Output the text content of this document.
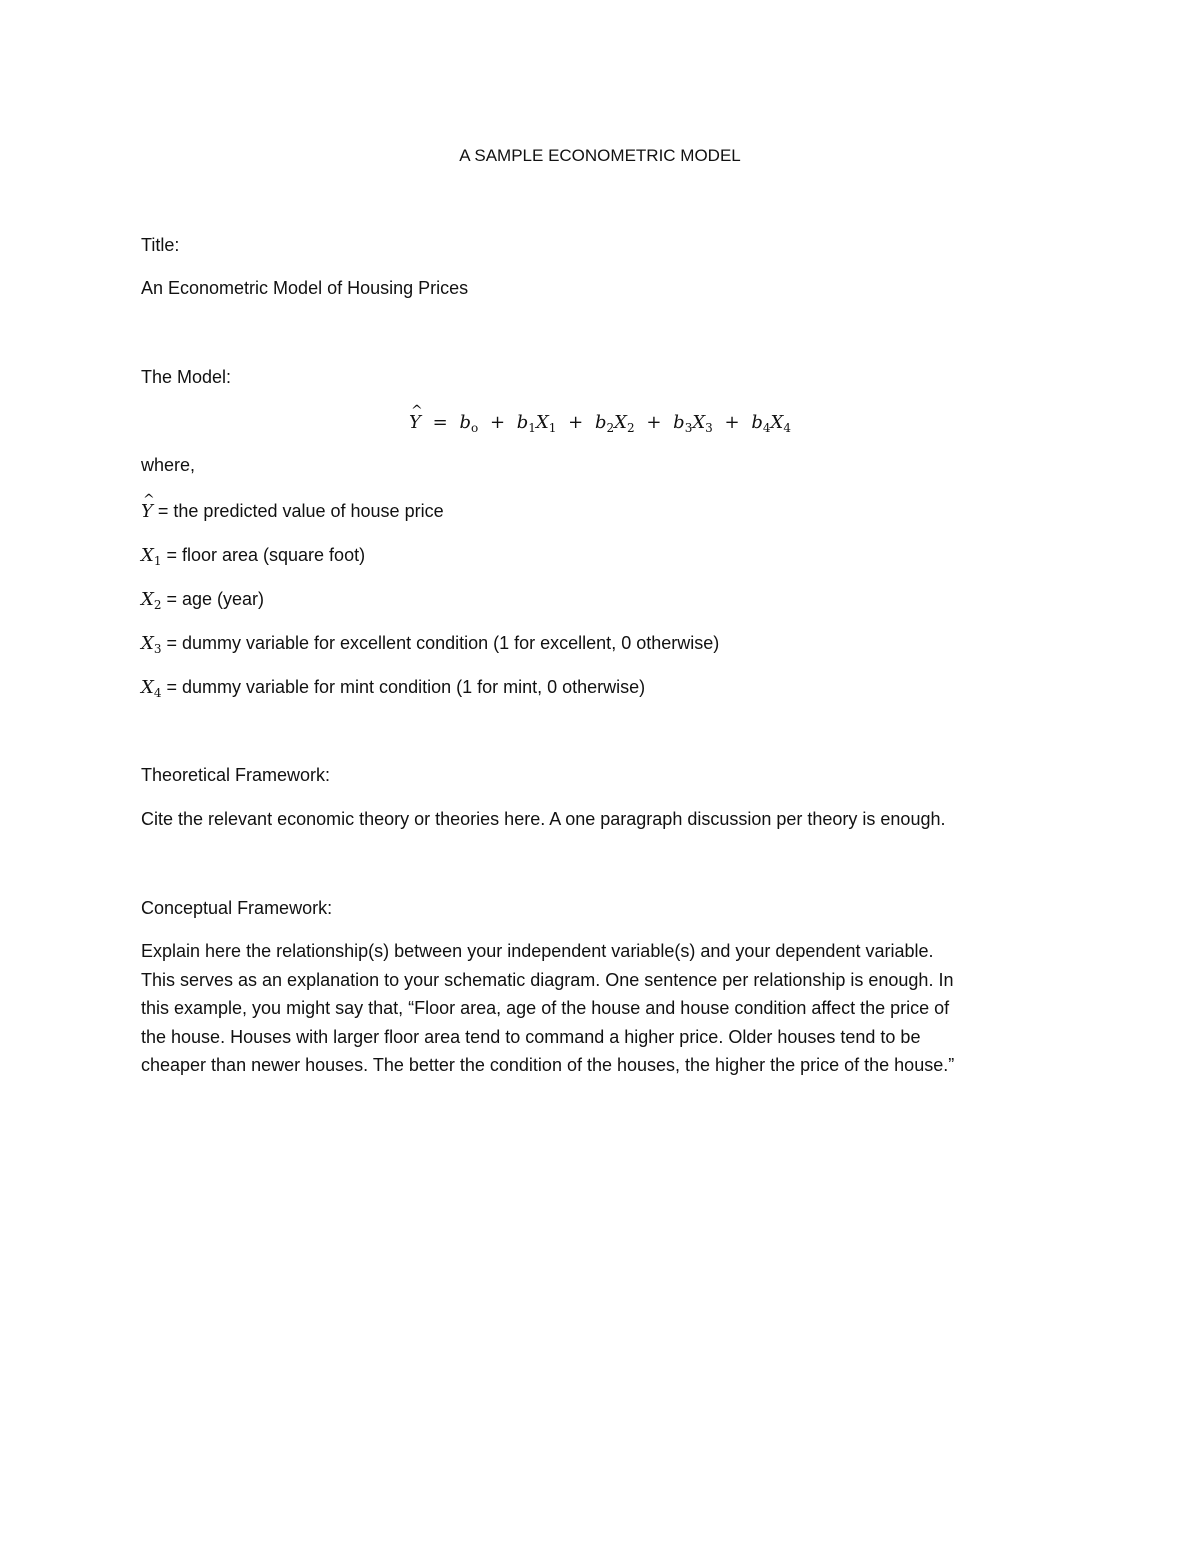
A SAMPLE ECONOMETRIC MODEL
Title:
An Econometric Model of Housing Prices
The Model:
^ $Y = b_o + b_1X_1 + b_2X_2 + b_3X_3 + b_4X_4$
where,
^ Y = the predicted value of house price
$X_1$ = floor area (square foot)
$X_2$ = age (year)
$X_3$ = dummy variable for excellent condition (1 for excellent, 0 otherwise)
$X_4$ = dummy variable for mint condition (1 for mint, 0 otherwise)
Theoretical Framework:
Cite the relevant economic theory or theories here. A one paragraph discussion per theory is enough.
Conceptual Framework:
Explain here the relationship(s) between your independent variable(s) and your dependent variable.
This serves as an explanation to your schematic diagram. One sentence per relationship is enough. In
this example, you might say that, “Floor area, age of the house and house condition affect the price of
the house. Houses with larger floor area tend to command a higher price. Older houses tend to be
cheaper than newer houses. The better the condition of the houses, the higher the price of the house.”
